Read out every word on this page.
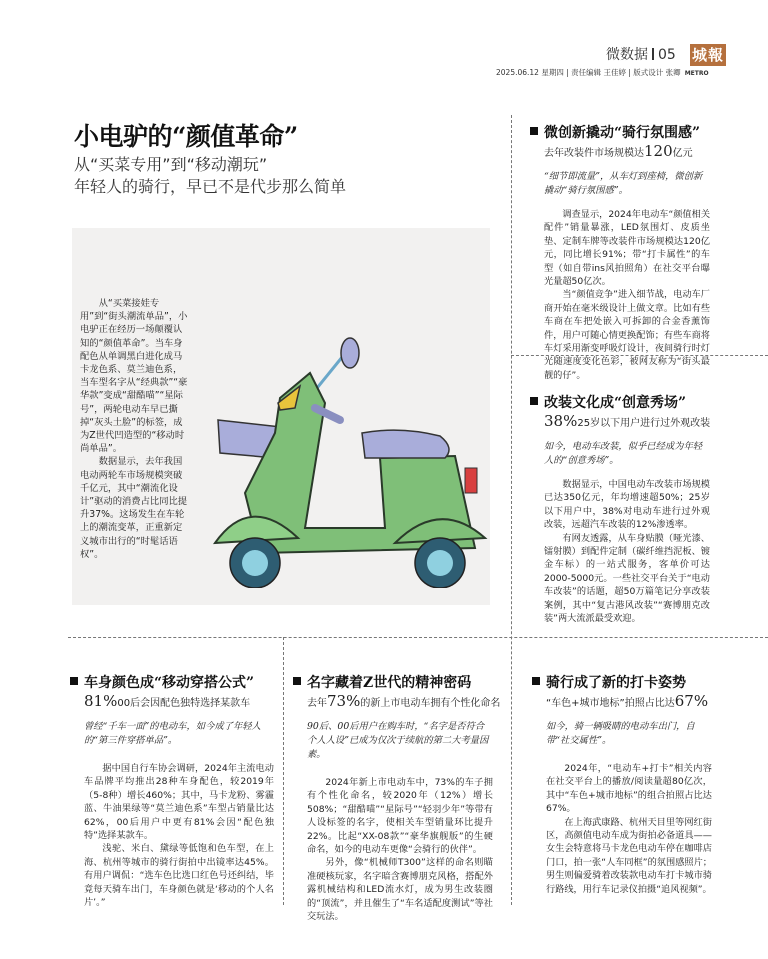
微数据 05 城報
2025.06.12 星期四 | 责任编辑 王佳婷 | 版式设计 张卿 METRO
小电驴的“颜值革命”
从“买菜专用”到“移动潮玩”
年轻人的骑行，早已不是代步那么简单

从“买菜接娃专用”到“街头潮流单品”，小电驴正在经历一场颠覆认知的“颜值革命”。当车身配色从单调黑白进化成马卡龙色系、莫兰迪色系，当车型名字从“经典款”“豪华款”变成“甜酷喵”“星际号”，两轮电动车早已撕掉“灰头土脸”的标签，成为Z世代凹造型的“移动时尚单品”。

数据显示，去年我国电动两轮车市场规模突破千亿元，其中“潮流化设计”驱动的消费占比同比提升37%。这场发生在车轮上的潮流变革，正重新定义城市出行的“时髦话语权”。

微创新撬动“骑行氛围感”
去年改装件市场规模达120亿元
“细节即流量”，从车灯到座椅，微创新撬动“骑行氛围感”。

调查显示，2024年电动车“颜值相关配件”销量暴涨，LED氛围灯、皮质坐垫、定制车牌等改装件市场规模达120亿元，同比增长91%；带“打卡属性”的车型（如自带ins风拍照角）在社交平台曝光量超50亿次。

当“颜值竞争”进入细节战，电动车厂商开始在毫米级设计上做文章。比如有些车商在车把处嵌入可拆卸的合金香薰饰件，用户可随心情更换配饰；有些车商将车灯采用渐变呼吸灯设计，夜间骑行时灯光随速度变化色彩，被网友称为“街头最靓的仔”。

改装文化成“创意秀场”
38%25岁以下用户进行过外观改装
如今，电动车改装，似乎已经成为年轻人的“创意秀场”。

数据显示，中国电动车改装市场规模已达350亿元，年均增速超50%；25岁以下用户中，38%对电动车进行过外观改装，远超汽车改装的12%渗透率。

有网友透露，从车身贴膜（哑光漆、镭射膜）到配件定制（碳纤维挡泥板、镀金车标）的一站式服务，客单价可达2000-5000元。一些社交平台关于“电动车改装”的话题，超50万篇笔记分享改装案例，其中“复古港风改装”“赛博朋克改装”两大流派最受欢迎。

车身颜色成“移动穿搭公式”
81%00后会因配色独特选择某款车
曾经“千车一面”的电动车，如今成了年轻人的“第三件穿搭单品”。

据中国自行车协会调研，2024年主流电动车品牌平均推出28种车身配色，较2019年（5-8种）增长460%；其中，马卡龙粉、雾霾蓝、牛油果绿等“莫兰迪色系”车型占销量比达62%，00后用户中更有81%会因“配色独特”选择某款车。

浅驼、米白、黛绿等低饱和色车型，在上海、杭州等城市的骑行街拍中出镜率达45%。有用户调侃：“选车色比选口红色号还纠结，毕竟每天骑车出门，车身颜色就是‘移动的个人名片’。”

名字藏着Z世代的精神密码
去年73%的新上市电动车拥有个性化命名
90后、00后用户在购车时，“名字是否符合个人人设”已成为仅次于续航的第二大考量因素。

2024年新上市电动车中，73%的车子拥有个性化命名，较2020年（12%）增长508%；“甜酷喵”“星际号”“轻羽少年”等带有人设标签的名字，使相关车型销量环比提升22%。比起“XX-08款”“豪华旗舰版”的生硬命名，如今的电动车更像“会骑行的伙伴”。

另外，像“机械师T300”这样的命名则瞄准硬核玩家，名字暗含赛博朋克风格，搭配外露机械结构和LED流水灯，成为男生改装圈的“顶流”，并且催生了“车名适配度测试”等社交玩法。

骑行成了新的打卡姿势
“车色+城市地标”拍照占比达67%
如今，骑一辆吸睛的电动车出门，自带“社交属性”。

2024年，“电动车+打卡”相关内容在社交平台上的播放/阅读量超80亿次，其中“车色+城市地标”的组合拍照占比达67%。

在上海武康路、杭州天目里等网红街区，高颜值电动车成为街拍必备道具——女生会特意将马卡龙色电动车停在咖啡店门口，拍一张“人车同框”的氛围感照片；男生则偏爱骑着改装款电动车打卡城市骑行路线，用行车记录仪拍摄“追风视频”。
